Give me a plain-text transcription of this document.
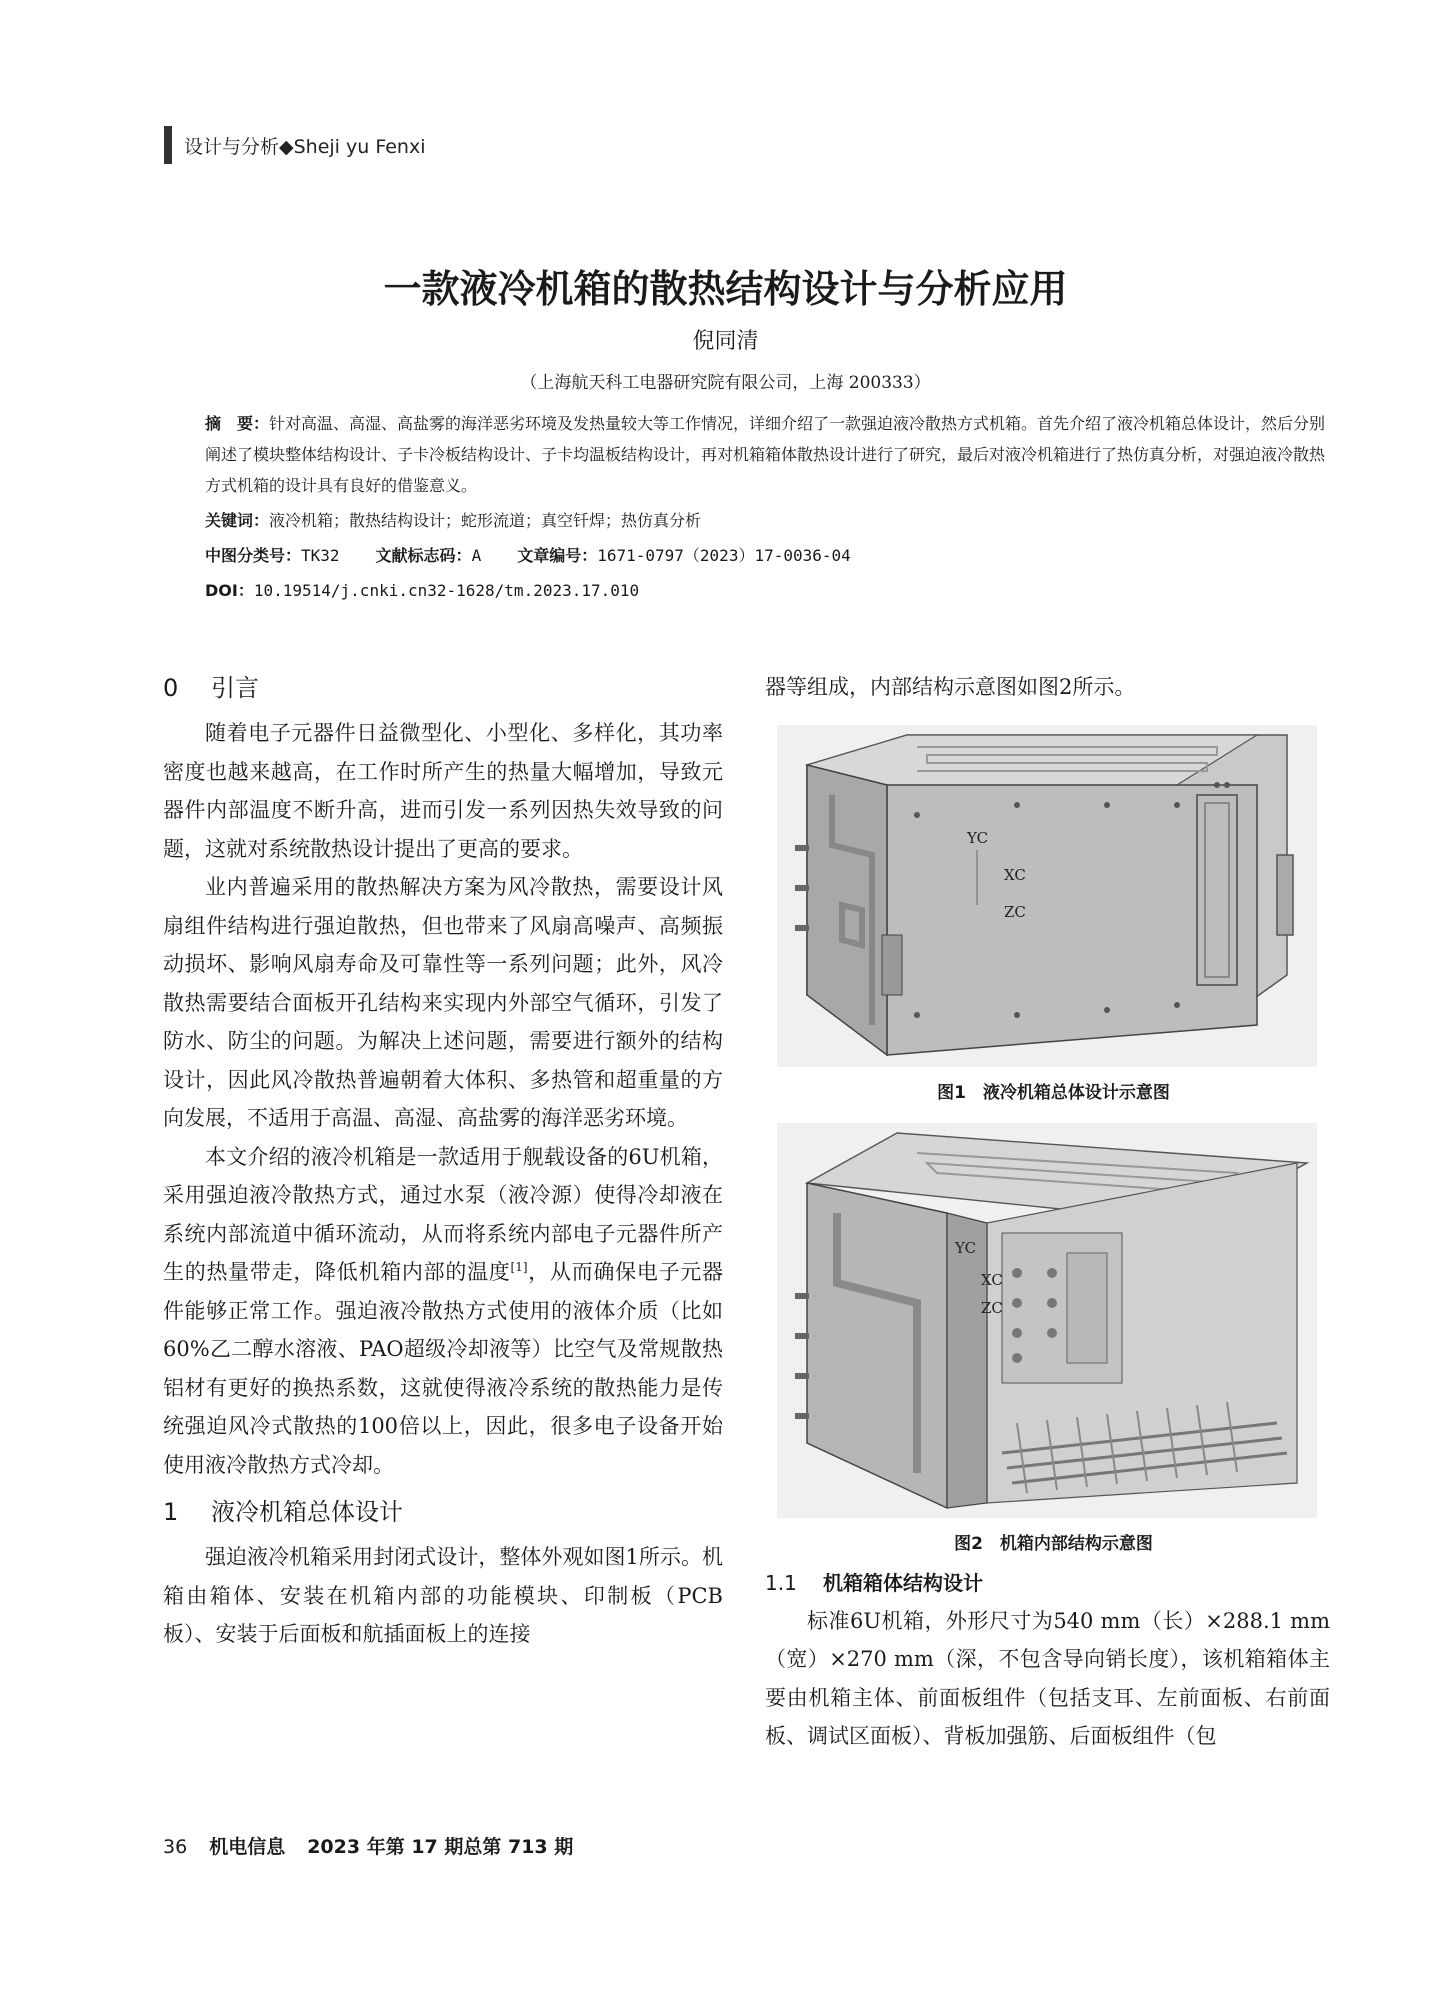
设计与分析◆Sheji yu Fenxi
一款液冷机箱的散热结构设计与分析应用
倪同清
（上海航天科工电器研究院有限公司，上海 200333）

摘　要：针对高温、高湿、高盐雾的海洋恶劣环境及发热量较大等工作情况，详细介绍了一款强迫液冷散热方式机箱。首先介绍了液冷机箱总体设计，然后分别阐述了模块整体结构设计、子卡冷板结构设计、子卡均温板结构设计，再对机箱箱体散热设计进行了研究，最后对液冷机箱进行了热仿真分析，对强迫液冷散热方式机箱的设计具有良好的借鉴意义。

关键词：液冷机箱；散热结构设计；蛇形流道；真空钎焊；热仿真分析

中图分类号：TK32 文献标志码：A 文章编号：1671-0797（2023）17-0036-04

DOI：10.19514/j.cnki.cn32-1628/tm.2023.17.010

0 引言

随着电子元器件日益微型化、小型化、多样化，其功率密度也越来越高，在工作时所产生的热量大幅增加，导致元器件内部温度不断升高，进而引发一系列因热失效导致的问题，这就对系统散热设计提出了更高的要求。

业内普遍采用的散热解决方案为风冷散热，需要设计风扇组件结构进行强迫散热，但也带来了风扇高噪声、高频振动损坏、影响风扇寿命及可靠性等一系列问题；此外，风冷散热需要结合面板开孔结构来实现内外部空气循环，引发了防水、防尘的问题。为解决上述问题，需要进行额外的结构设计，因此风冷散热普遍朝着大体积、多热管和超重量的方向发展，不适用于高温、高湿、高盐雾的海洋恶劣环境。

本文介绍的液冷机箱是一款适用于舰载设备的6U机箱，采用强迫液冷散热方式，通过水泵（液冷源）使得冷却液在系统内部流道中循环流动，从而将系统内部电子元器件所产生的热量带走，降低机箱内部的温度[1]，从而确保电子元器件能够正常工作。强迫液冷散热方式使用的液体介质（比如60%乙二醇水溶液、PAO超级冷却液等）比空气及常规散热铝材有更好的换热系数，这就使得液冷系统的散热能力是传统强迫风冷式散热的100倍以上，因此，很多电子设备开始使用液冷散热方式冷却。

1 液冷机箱总体设计

强迫液冷机箱采用封闭式设计，整体外观如图1所示。机箱由箱体、安装在机箱内部的功能模块、印制板（PCB板）、安装于后面板和航插面板上的连接

器等组成，内部结构示意图如图2所示。

YC
XC
ZC
图1　液冷机箱总体设计示意图
YC
XC
ZC
图2　机箱内部结构示意图
1.1 机箱箱体结构设计

标准6U机箱，外形尺寸为540 mm（长）×288.1 mm（宽）×270 mm（深，不包含导向销长度），该机箱箱体主要由机箱主体、前面板组件（包括支耳、左前面板、右前面板、调试区面板）、背板加强筋、后面板组件（包

36 机电信息 2023 年第 17 期总第 713 期
